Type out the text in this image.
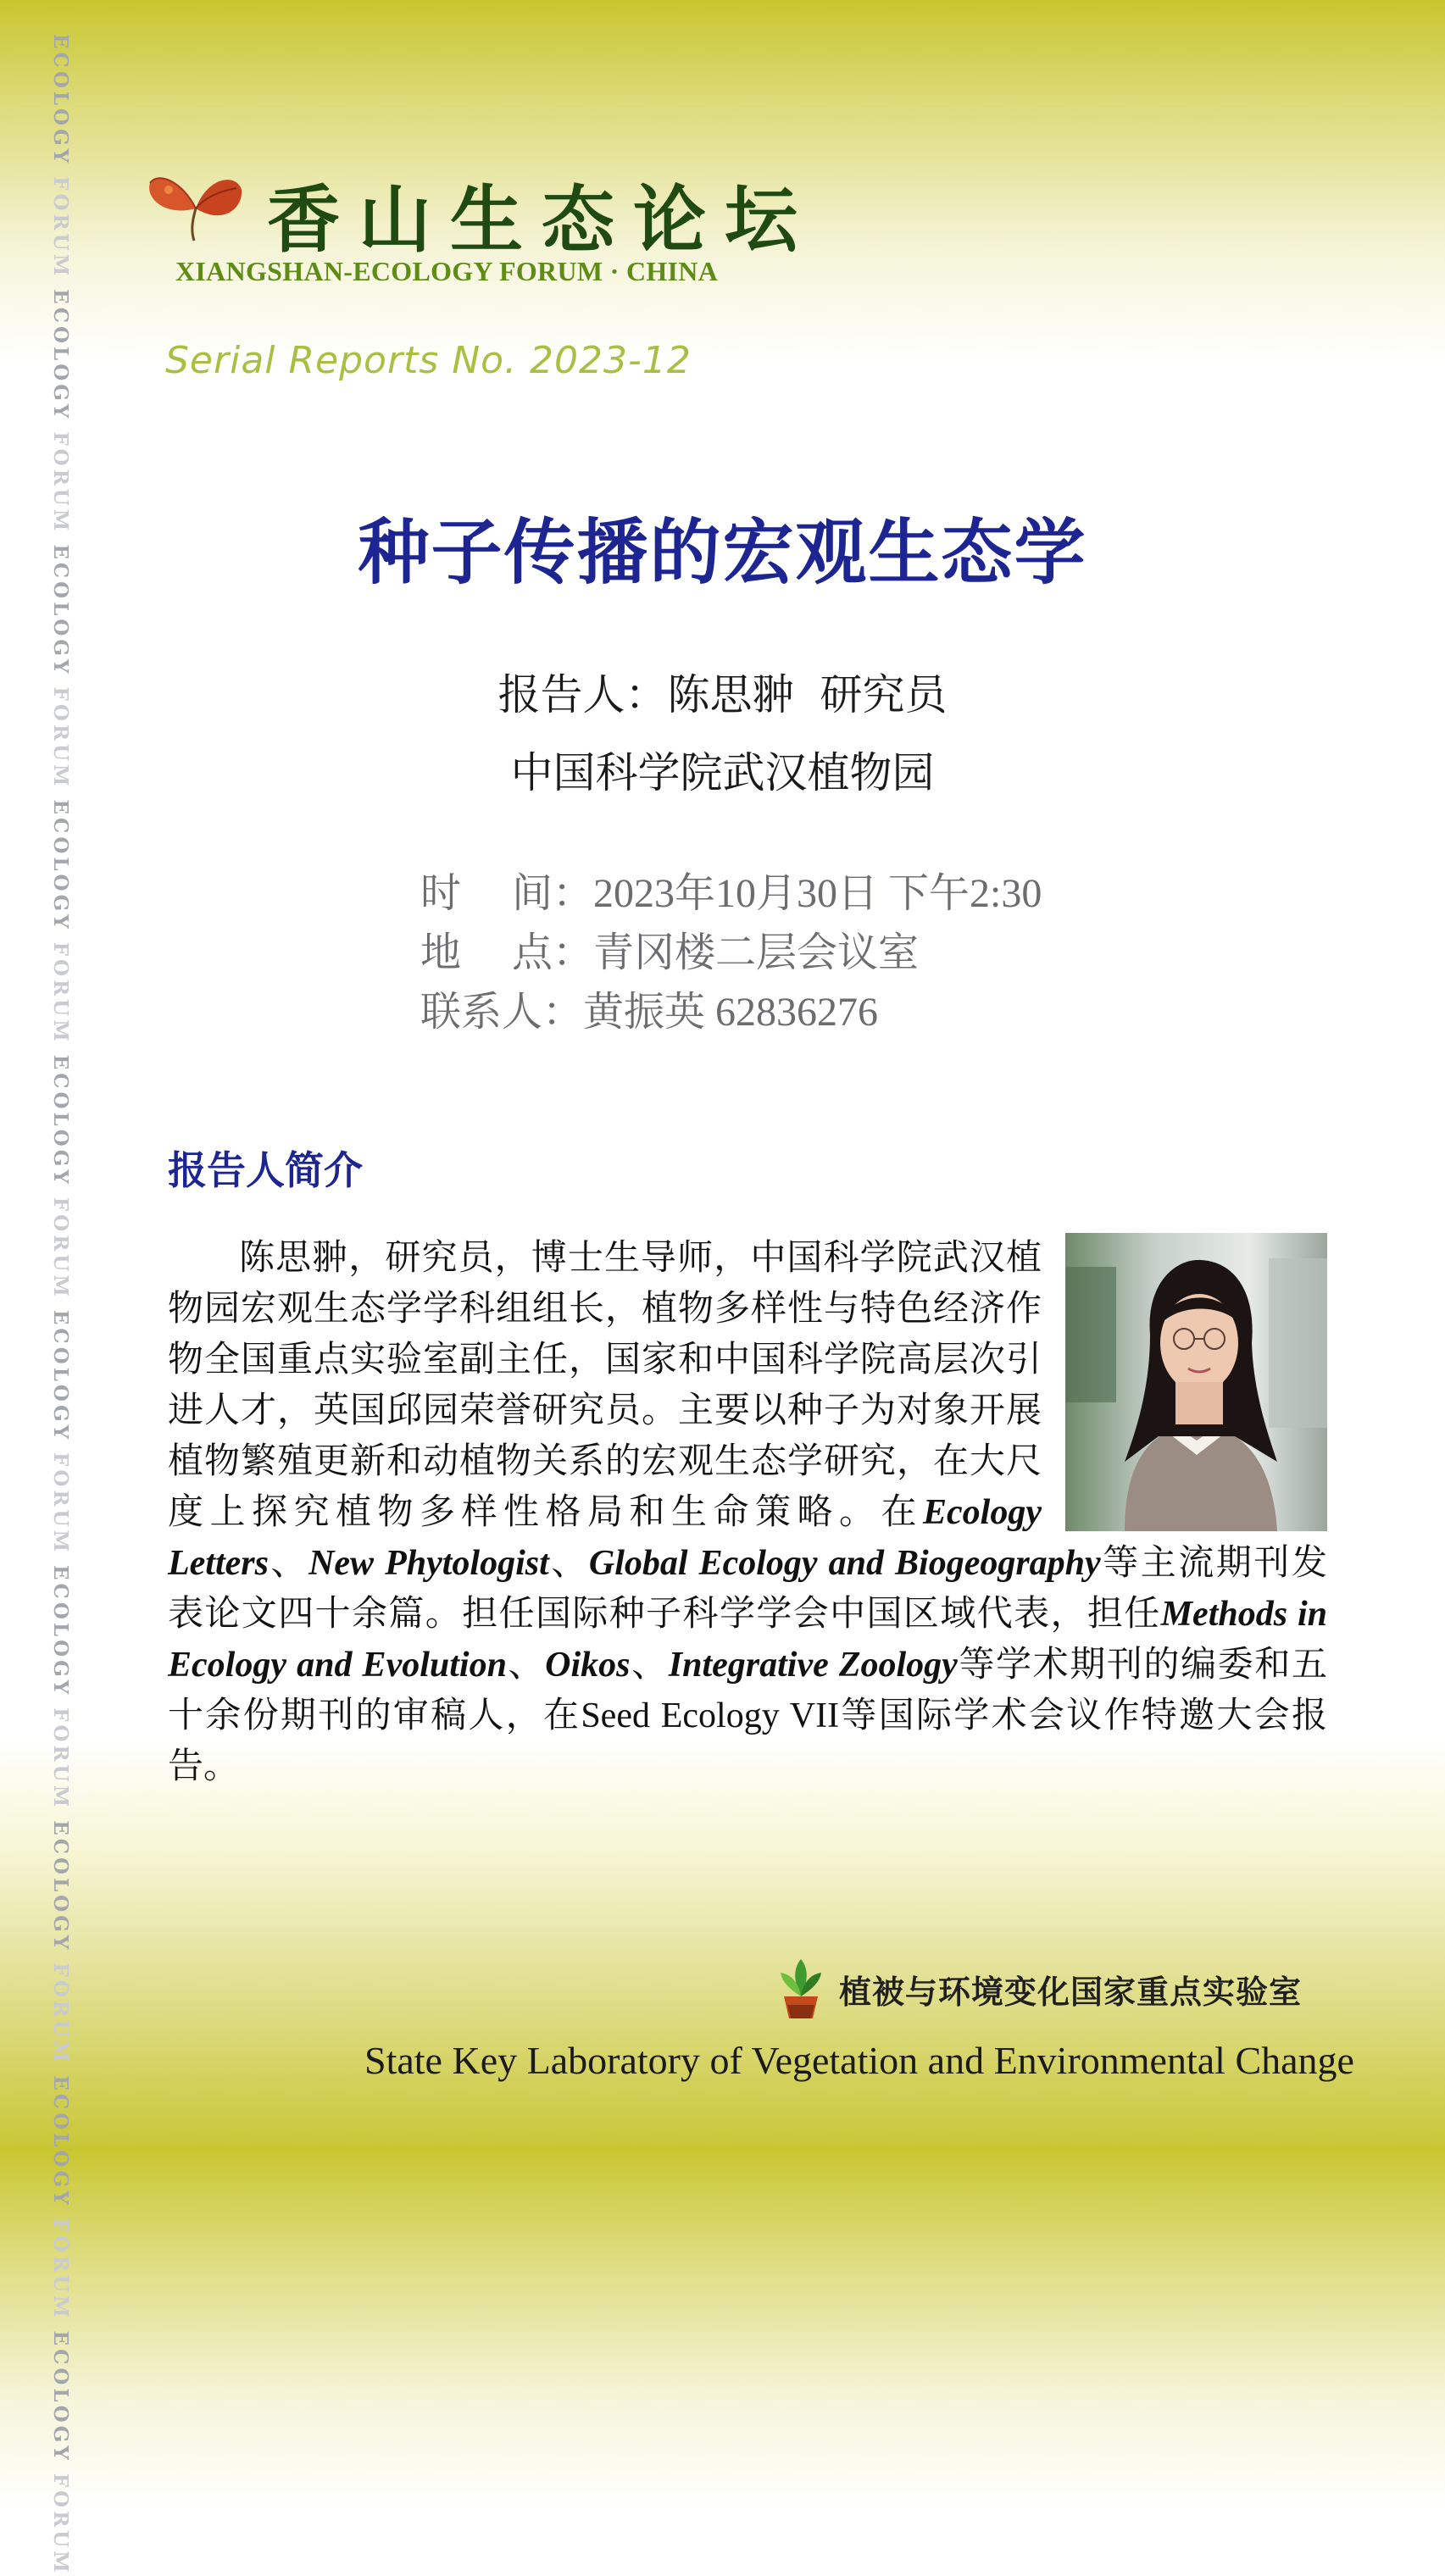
ECOLOGY FORUM ECOLOGY FORUM ECOLOGY FORUM ECOLOGY FORUM ECOLOGY FORUM ECOLOGY FORUM ECOLOGY FORUM ECOLOGY FORUM ECOLOGY FORUM ECOLOGY FORUM
香山生态论坛
XIANGSHAN-ECOLOGY FORUM · CHINA
Serial Reports No. 2023-12
种子传播的宏观生态学
报告人：陈思翀 研究员
中国科学院武汉植物园
时　 间：2023年10月30日 下午2:30
地　 点：青冈楼二层会议室
联系人：黄振英 62836276
报告人简介

陈思翀，研究员，博士生导师，中国科学院武汉植物园宏观生态学学科组组长，植物多样性与特色经济作物全国重点实验室副主任，国家和中国科学院高层次引进人才，英国邱园荣誉研究员。主要以种子为对象开展植物繁殖更新和动植物关系的宏观生态学研究，在大尺度上探究植物多样性格局和生命策略。在Ecology Letters、New Phytologist、Global Ecology and Biogeography等主流期刊发表论文四十余篇。担任国际种子科学学会中国区域代表，担任Methods in Ecology and Evolution、Oikos、Integrative Zoology等学术期刊的编委和五十余份期刊的审稿人，在Seed Ecology VII等国际学术会议作特邀大会报告。

植被与环境变化国家重点实验室
State Key Laboratory of Vegetation and Environmental Change
